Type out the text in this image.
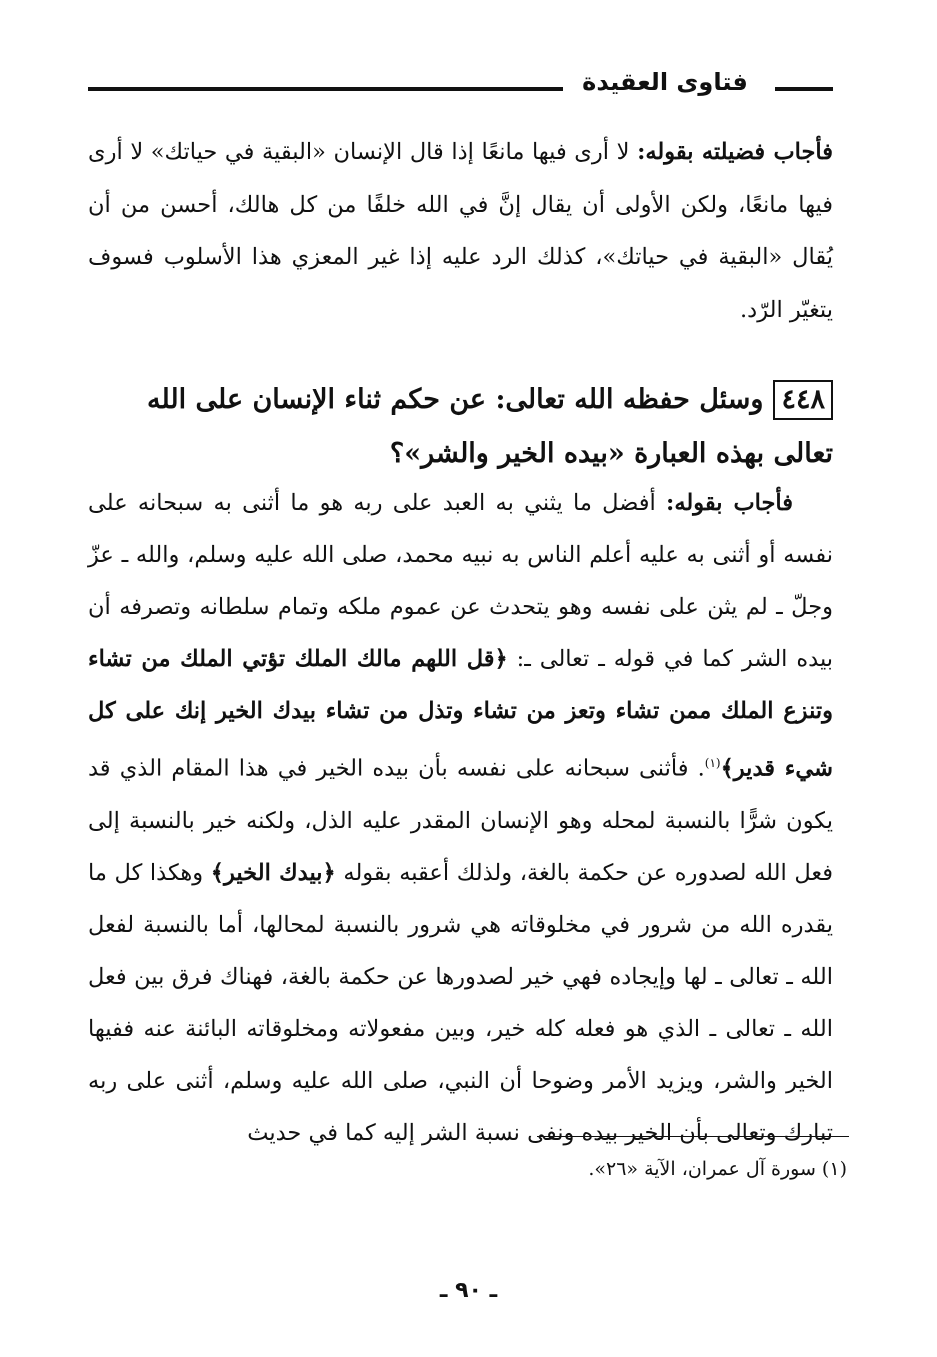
فتاوى العقيدة
فأجاب فضيلته بقوله: لا أرى فيها مانعًا إذا قال الإنسان «البقية في حياتك» لا أرى فيها مانعًا، ولكن الأولى أن يقال إنَّ في الله خلفًا من كل هالك، أحسن من أن يُقال «البقية في حياتك»، كذلك الرد عليه إذا غير المعزي هذا الأسلوب فسوف يتغيّر الرّد.
٤٤٨وسئل حفظه الله تعالى: عن حكم ثناء الإنسان على الله تعالى بهذه العبارة «بيده الخير والشر»؟
فأجاب بقوله: أفضل ما يثني به العبد على ربه هو ما أثنى به سبحانه على نفسه أو أثنى به عليه أعلم الناس به نبيه محمد، صلى الله عليه وسلم، والله ـ عزّ وجلّ ـ لم يثن على نفسه وهو يتحدث عن عموم ملكه وتمام سلطانه وتصرفه أن بيده الشر كما في قوله ـ تعالى ـ: ﴿قل اللهم مالك الملك تؤتي الملك من تشاء وتنزع الملك ممن تشاء وتعز من تشاء وتذل من تشاء بيدك الخير إنك على كل شيء قدير﴾$^{(١)}$. فأثنى سبحانه على نفسه بأن بيده الخير في هذا المقام الذي قد يكون شرًّا بالنسبة لمحله وهو الإنسان المقدر عليه الذل، ولكنه خير بالنسبة إلى فعل الله لصدوره عن حكمة بالغة، ولذلك أعقبه بقوله ﴿بيدك الخير﴾ وهكذا كل ما يقدره الله من شرور في مخلوقاته هي شرور بالنسبة لمحالها، أما بالنسبة لفعل الله ـ تعالى ـ لها وإيجاده فهي خير لصدورها عن حكمة بالغة، فهناك فرق بين فعل الله ـ تعالى ـ الذي هو فعله كله خير، وبين مفعولاته ومخلوقاته البائنة عنه ففيها الخير والشر، ويزيد الأمر وضوحا أن النبي، صلى الله عليه وسلم، أثنى على ربه تبارك وتعالى بأن الخير بيده ونفى نسبة الشر إليه كما في حديث
(١) سورة آل عمران، الآية «٢٦».
ـ ٩٠ ـ
